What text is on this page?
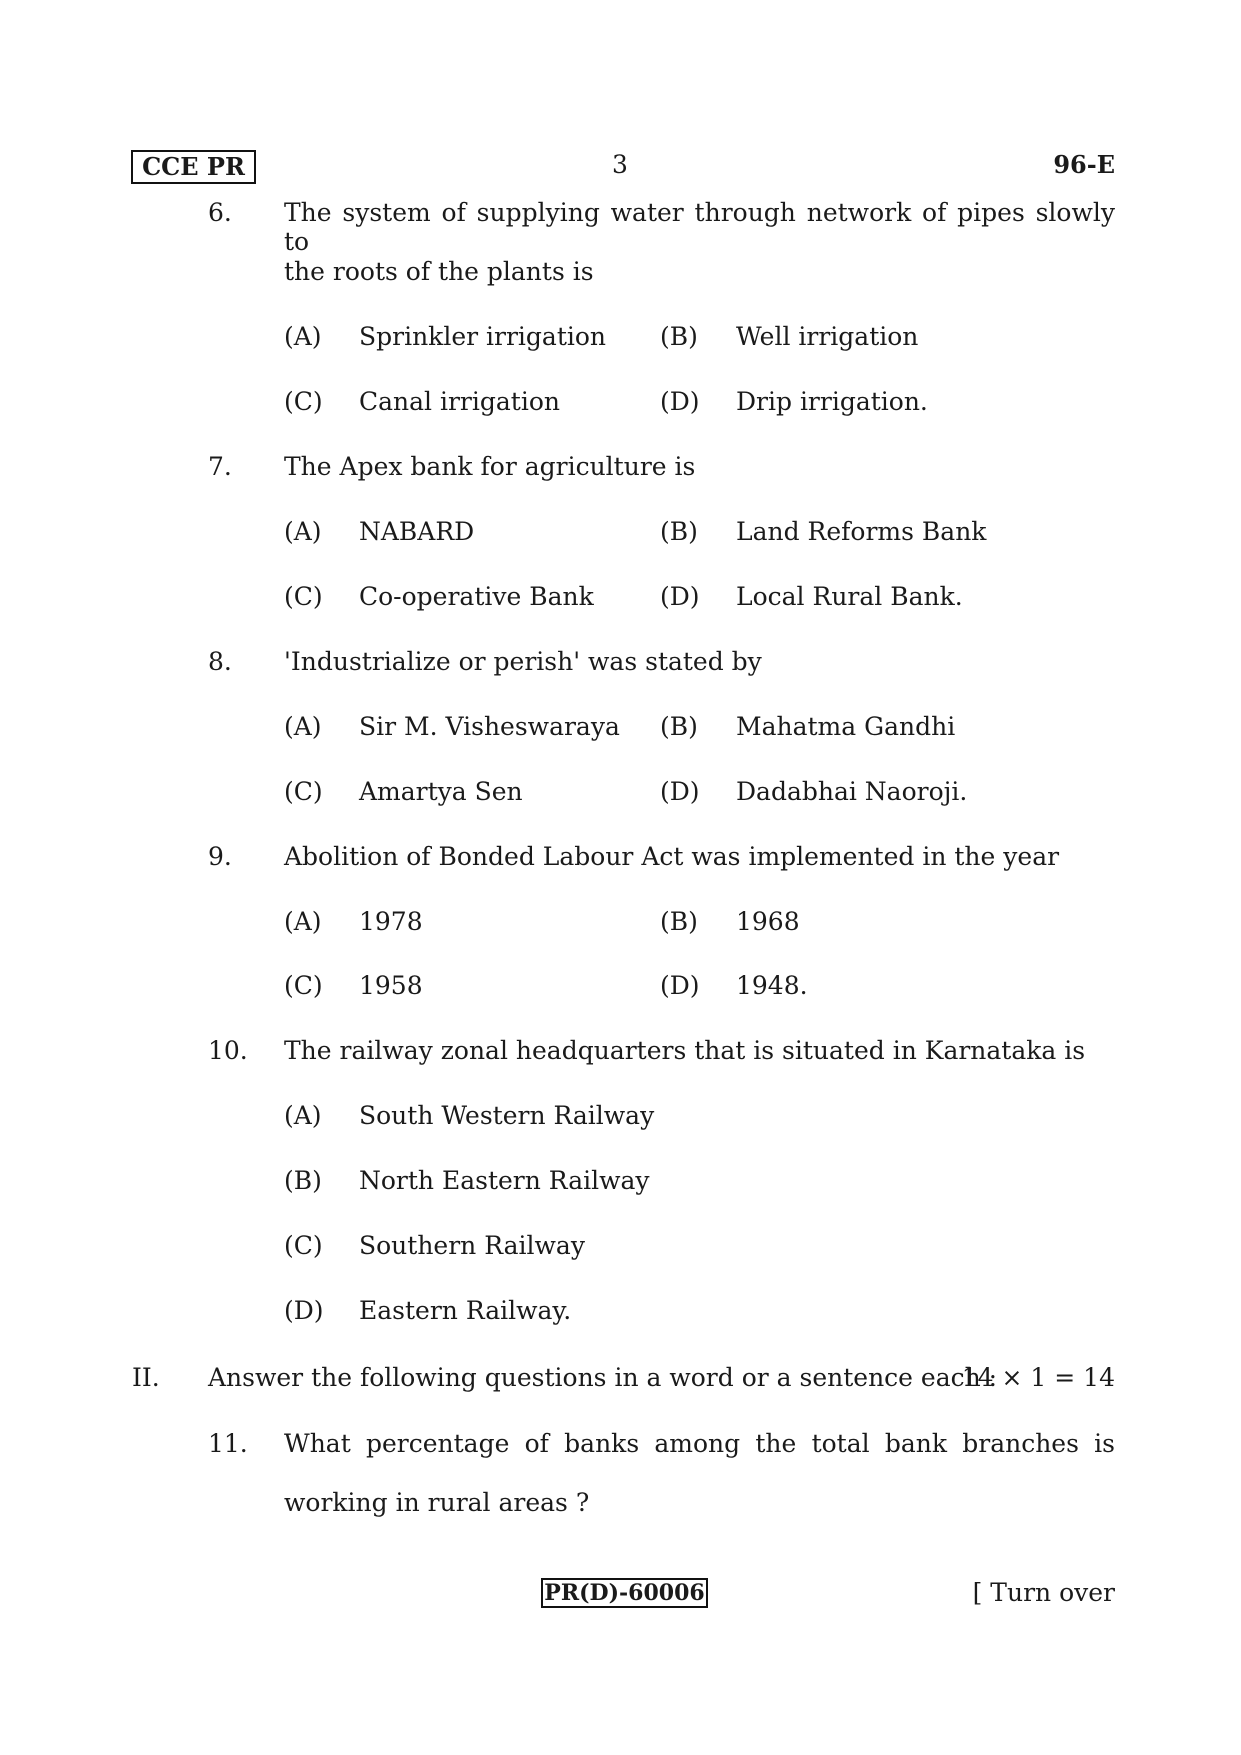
CCE PR	3	96-E
6. The system of supplying water through network of pipes slowly to
the roots of the plants is
(A) Sprinkler irrigation (B) Well irrigation
(C) Canal irrigation	(D) Drip irrigation.
7. The Apex bank for agriculture is
(A) NABARD	(B) Land Reforms Bank
(C) Co-operative Bank	(D) Local Rural Bank.
8. 'Industrialize or perish' was stated by
(A) Sir M. Visheswaraya (B) Mahatma Gandhi
(C) Amartya Sen	(D) Dadabhai Naoroji.
9. Abolition of Bonded Labour Act was implemented in the year
(A) 1978	(B) 1968
(C) 1958	(D) 1948.
10. The railway zonal headquarters that is situated in Karnataka is
(A) South Western Railway
(B) North Eastern Railway
(C) Southern Railway
(D) Eastern Railway.
II. Answer the following questions in a word or a sentence each :
14 × 1 = 14
11. What percentage of banks among the total bank branches is
working in rural areas ?
PR(D)-60006	[ Turn over
